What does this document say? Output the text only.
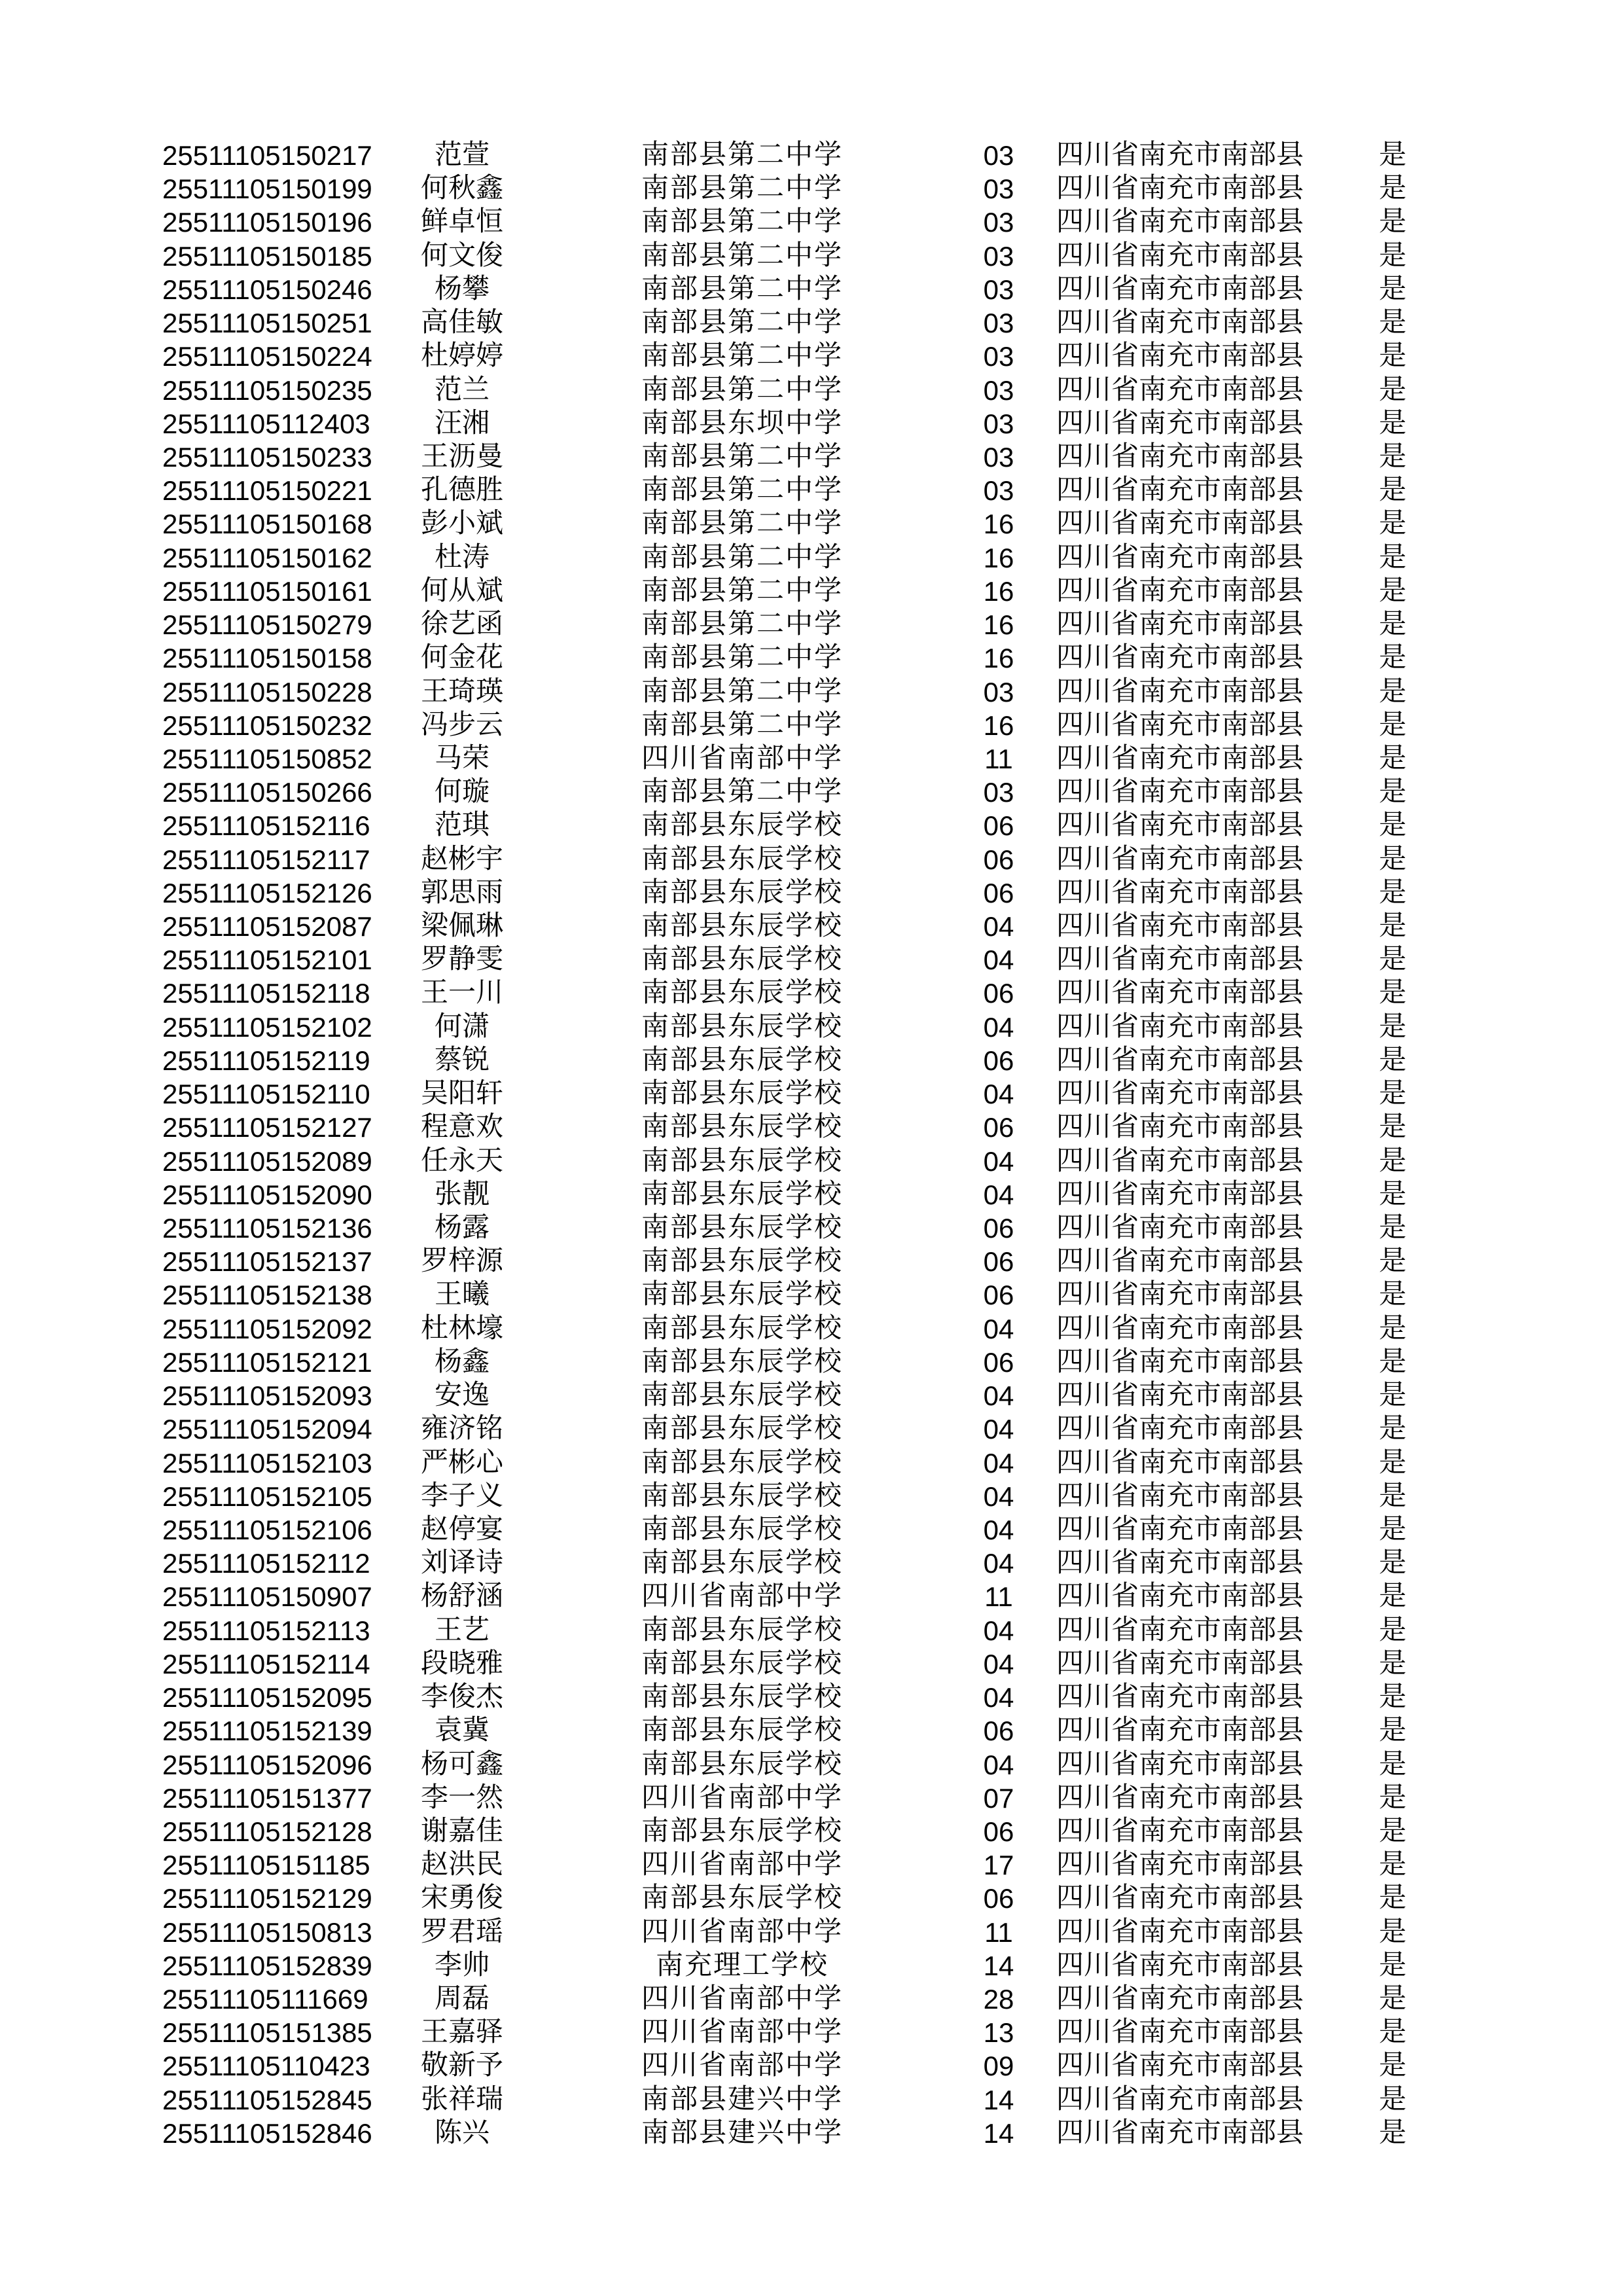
25511105150217	范萱	南部县第二中学	03	四川省南充市南部县	是
25511105150199	何秋鑫	南部县第二中学	03	四川省南充市南部县	是
25511105150196	鲜卓恒	南部县第二中学	03	四川省南充市南部县	是
25511105150185	何文俊	南部县第二中学	03	四川省南充市南部县	是
25511105150246	杨攀	南部县第二中学	03	四川省南充市南部县	是
25511105150251	高佳敏	南部县第二中学	03	四川省南充市南部县	是
25511105150224	杜婷婷	南部县第二中学	03	四川省南充市南部县	是
25511105150235	范兰	南部县第二中学	03	四川省南充市南部县	是
25511105112403	汪湘	南部县东坝中学	03	四川省南充市南部县	是
25511105150233	王沥曼	南部县第二中学	03	四川省南充市南部县	是
25511105150221	孔德胜	南部县第二中学	03	四川省南充市南部县	是
25511105150168	彭小斌	南部县第二中学	16	四川省南充市南部县	是
25511105150162	杜涛	南部县第二中学	16	四川省南充市南部县	是
25511105150161	何从斌	南部县第二中学	16	四川省南充市南部县	是
25511105150279	徐艺函	南部县第二中学	16	四川省南充市南部县	是
25511105150158	何金花	南部县第二中学	16	四川省南充市南部县	是
25511105150228	王琦瑛	南部县第二中学	03	四川省南充市南部县	是
25511105150232	冯步云	南部县第二中学	16	四川省南充市南部县	是
25511105150852	马荣	四川省南部中学	11	四川省南充市南部县	是
25511105150266	何璇	南部县第二中学	03	四川省南充市南部县	是
25511105152116	范琪	南部县东辰学校	06	四川省南充市南部县	是
25511105152117	赵彬宇	南部县东辰学校	06	四川省南充市南部县	是
25511105152126	郭思雨	南部县东辰学校	06	四川省南充市南部县	是
25511105152087	梁佩琳	南部县东辰学校	04	四川省南充市南部县	是
25511105152101	罗静雯	南部县东辰学校	04	四川省南充市南部县	是
25511105152118	王一川	南部县东辰学校	06	四川省南充市南部县	是
25511105152102	何潇	南部县东辰学校	04	四川省南充市南部县	是
25511105152119	蔡锐	南部县东辰学校	06	四川省南充市南部县	是
25511105152110	吴阳轩	南部县东辰学校	04	四川省南充市南部县	是
25511105152127	程意欢	南部县东辰学校	06	四川省南充市南部县	是
25511105152089	任永天	南部县东辰学校	04	四川省南充市南部县	是
25511105152090	张靓	南部县东辰学校	04	四川省南充市南部县	是
25511105152136	杨露	南部县东辰学校	06	四川省南充市南部县	是
25511105152137	罗梓源	南部县东辰学校	06	四川省南充市南部县	是
25511105152138	王曦	南部县东辰学校	06	四川省南充市南部县	是
25511105152092	杜林壕	南部县东辰学校	04	四川省南充市南部县	是
25511105152121	杨鑫	南部县东辰学校	06	四川省南充市南部县	是
25511105152093	安逸	南部县东辰学校	04	四川省南充市南部县	是
25511105152094	雍济铭	南部县东辰学校	04	四川省南充市南部县	是
25511105152103	严彬心	南部县东辰学校	04	四川省南充市南部县	是
25511105152105	李子义	南部县东辰学校	04	四川省南充市南部县	是
25511105152106	赵停宴	南部县东辰学校	04	四川省南充市南部县	是
25511105152112	刘译诗	南部县东辰学校	04	四川省南充市南部县	是
25511105150907	杨舒涵	四川省南部中学	11	四川省南充市南部县	是
25511105152113	王艺	南部县东辰学校	04	四川省南充市南部县	是
25511105152114	段晓雅	南部县东辰学校	04	四川省南充市南部县	是
25511105152095	李俊杰	南部县东辰学校	04	四川省南充市南部县	是
25511105152139	袁冀	南部县东辰学校	06	四川省南充市南部县	是
25511105152096	杨可鑫	南部县东辰学校	04	四川省南充市南部县	是
25511105151377	李一然	四川省南部中学	07	四川省南充市南部县	是
25511105152128	谢嘉佳	南部县东辰学校	06	四川省南充市南部县	是
25511105151185	赵洪民	四川省南部中学	17	四川省南充市南部县	是
25511105152129	宋勇俊	南部县东辰学校	06	四川省南充市南部县	是
25511105150813	罗君瑶	四川省南部中学	11	四川省南充市南部县	是
25511105152839	李帅	南充理工学校	14	四川省南充市南部县	是
25511105111669	周磊	四川省南部中学	28	四川省南充市南部县	是
25511105151385	王嘉驿	四川省南部中学	13	四川省南充市南部县	是
25511105110423	敬新予	四川省南部中学	09	四川省南充市南部县	是
25511105152845	张祥瑞	南部县建兴中学	14	四川省南充市南部县	是
25511105152846	陈兴	南部县建兴中学	14	四川省南充市南部县	是
